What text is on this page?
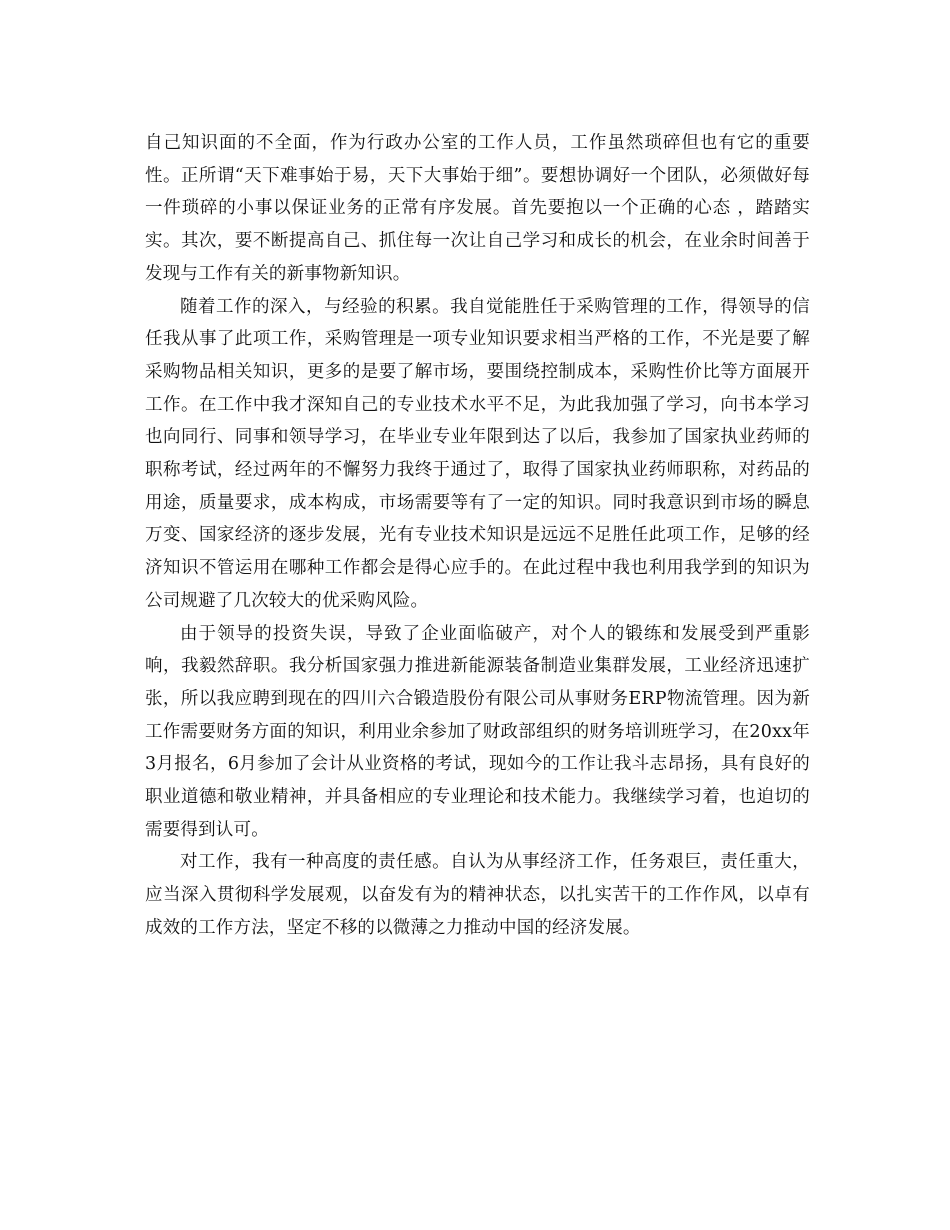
自己知识面的不全面，作为行政办公室的工作人员，工作虽然琐碎但也有它的重要性。正所谓“天下难事始于易，天下大事始于细”。要想协调好一个团队，必须做好每一件琐碎的小事以保证业务的正常有序发展。首先要抱以一个正确的心态 ，踏踏实实。其次，要不断提高自己、抓住每一次让自己学习和成长的机会，在业余时间善于发现与工作有关的新事物新知识。

随着工作的深入，与经验的积累。我自觉能胜任于采购管理的工作，得领导的信任我从事了此项工作，采购管理是一项专业知识要求相当严格的工作，不光是要了解采购物品相关知识，更多的是要了解市场，要围绕控制成本，采购性价比等方面展开工作。在工作中我才深知自己的专业技术水平不足，为此我加强了学习，向书本学习也向同行、同事和领导学习，在毕业专业年限到达了以后，我参加了国家执业药师的职称考试，经过两年的不懈努力我终于通过了，取得了国家执业药师职称，对药品的用途，质量要求，成本构成，市场需要等有了一定的知识。同时我意识到市场的瞬息万变、国家经济的逐步发展，光有专业技术知识是远远不足胜任此项工作，足够的经济知识不管运用在哪种工作都会是得心应手的。在此过程中我也利用我学到的知识为公司规避了几次较大的优采购风险。

由于领导的投资失误，导致了企业面临破产，对个人的锻练和发展受到严重影响，我毅然辞职。我分析国家强力推进新能源装备制造业集群发展，工业经济迅速扩张，所以我应聘到现在的四川六合锻造股份有限公司从事财务ERP物流管理。因为新工作需要财务方面的知识，利用业余参加了财政部组织的财务培训班学习，在20xx年3月报名，6月参加了会计从业资格的考试，现如今的工作让我斗志昂扬，具有良好的职业道德和敬业精神，并具备相应的专业理论和技术能力。我继续学习着，也迫切的需要得到认可。

对工作，我有一种高度的责任感。自认为从事经济工作，任务艰巨，责任重大，应当深入贯彻科学发展观，以奋发有为的精神状态，以扎实苦干的工作作风，以卓有成效的工作方法，坚定不移的以微薄之力推动中国的经济发展。
